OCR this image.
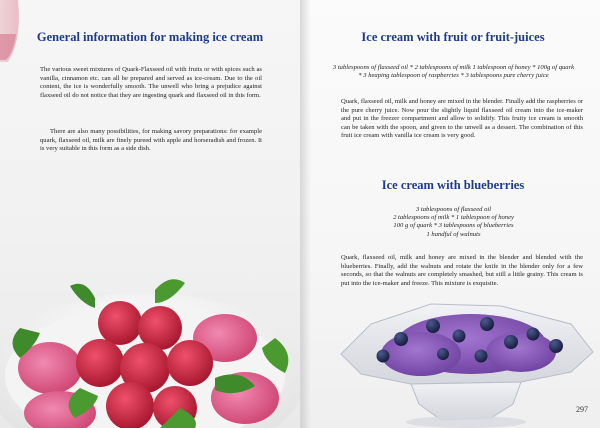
General information for making ice cream

The various sweet mixtures of Quark-Flaxseed oil with fruits or with spices such as vanilla, cinnamon etc. can all be prepared and served as ice-cream. Due to the oil content, the ice is wonderfully smooth. The unwell who bring a prejudice against flaxseed oil do not notice that they are ingesting quark and flaxseed oil in this form.

There are also many possibilities, for making savory preparations: for example quark, flaxseed oil, milk are finely pureed with apple and horseradish and frozen. It is very suitable in this form as a side dish.

Ice cream with fruit or fruit-juices

3 tablespoons of flaxseed oil * 2 tablespoons of milk 1 tablespoon of honey * 100g of quark * 3 heaping tablespoon of raspberries * 3 tablespoons pure cherry juice

Quark, flaxseed oil, milk and honey are mixed in the blender. Finally add the raspberries or the pure cherry juice. Now pour the slightly liquid flaxseed oil cream into the ice-maker and put in the freezer compartment and allow to solidify. This fruity ice cream is smooth can be taken with the spoon, and given to the unwell as a dessert. The combination of this fruit ice cream with vanilla ice cream is very good.

Ice cream with blueberries
3 tablespoons of flaxseed oil
2 tablespoons of milk * 1 tablespoon of honey
100 g of quark * 3 tablespoons of blueberries
1 handful of walnuts

Quark, flaxseed oil, milk and honey are mixed in the blender and blended with the blueberries. Finally, add the walnuts and rotate the knife in the blender only for a few seconds, so that the walnuts are completely smashed, but still a little grainy. This cream is put into the ice-maker and freeze. This mixture is exquisite.

297
